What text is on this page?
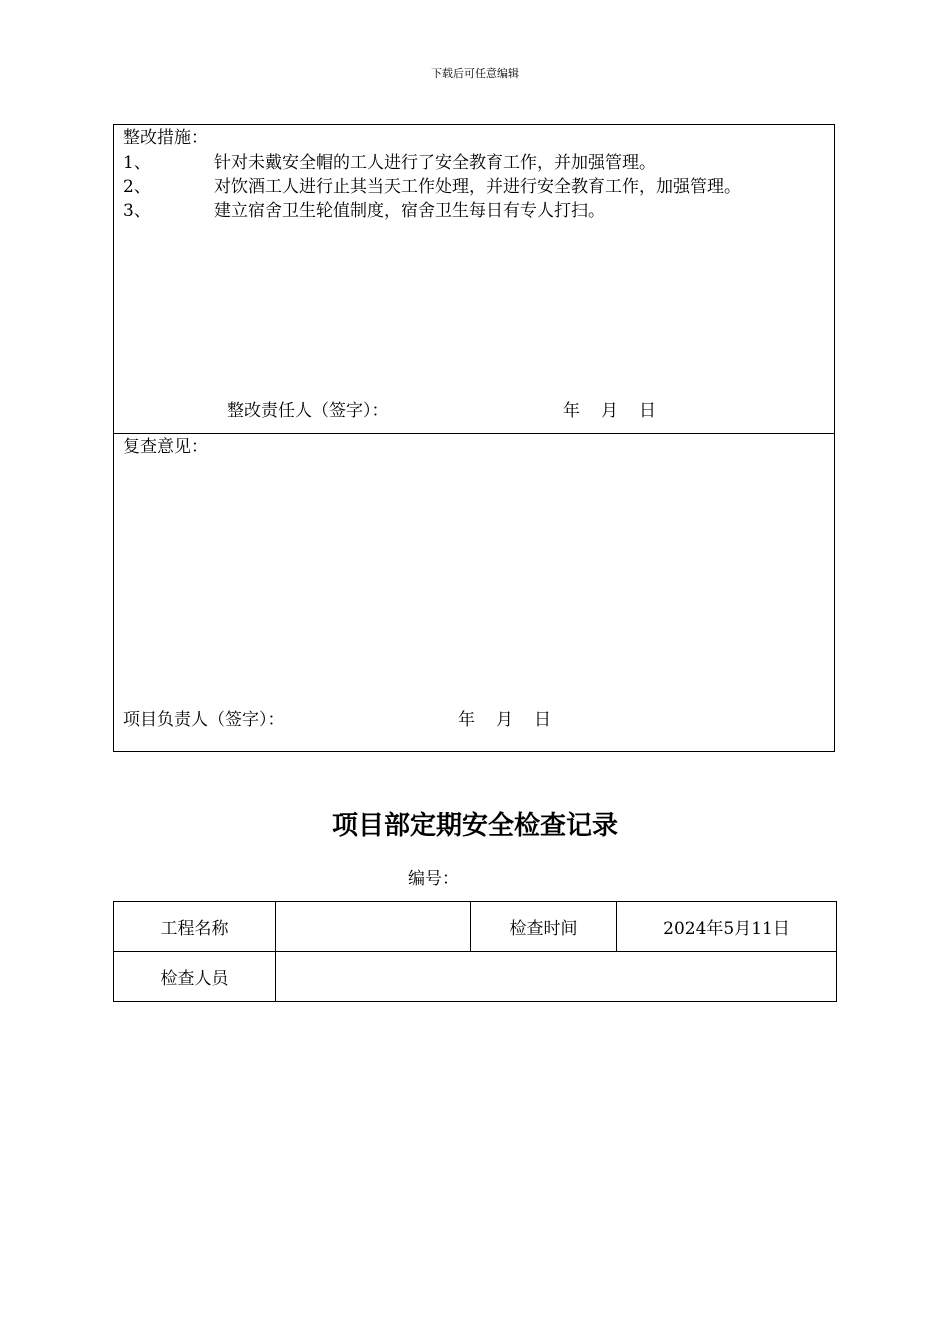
下载后可任意编辑
整改措施：
1、	针对未戴安全帽的工人进行了安全教育工作，并加强管理。
2、	对饮酒工人进行止其当天工作处理，并进行安全教育工作，加强管理。
3、	建立宿舍卫生轮值制度，宿舍卫生每日有专人打扫。
整改责任人（签字）：	年 月 日
复查意见：
项目负责人（签字）：	年 月 日
项目部定期安全检查记录
编号：
工程名称		检查时间	2024年5月11日
检查人员			
